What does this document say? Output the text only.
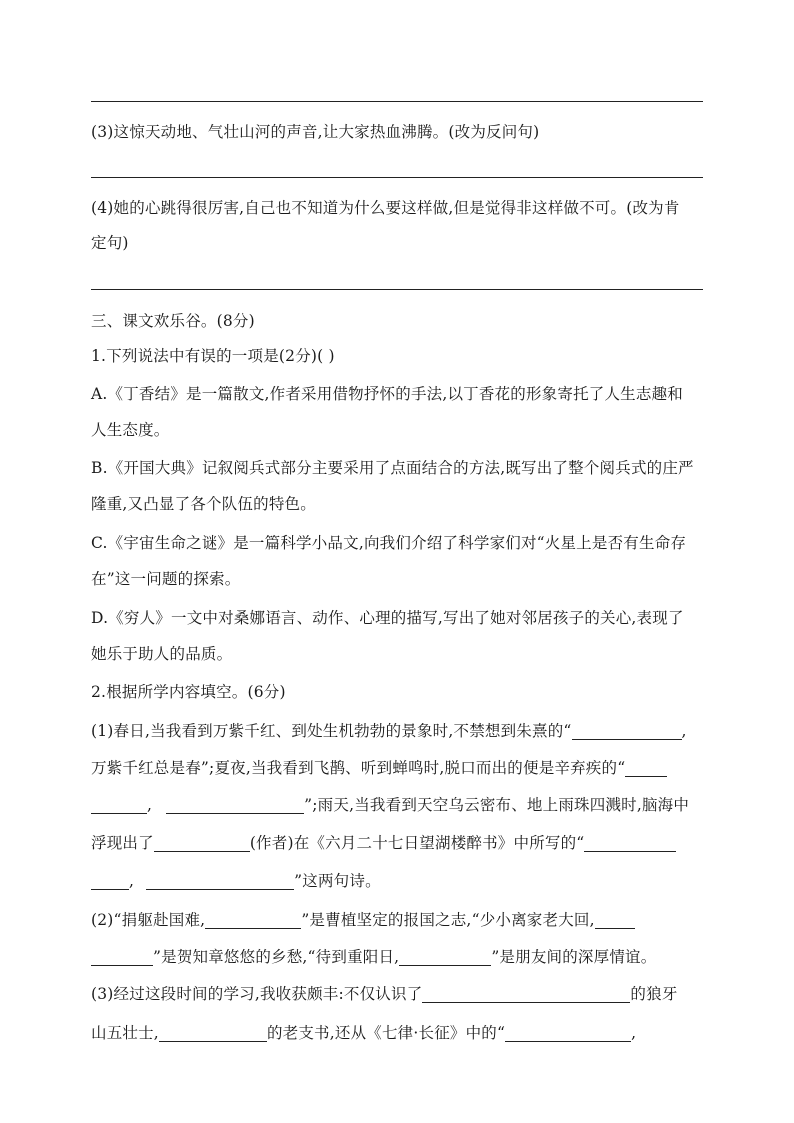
(3)这惊天动地、气壮山河的声音,让大家热血沸腾。(改为反问句)
(4)她的心跳得很厉害,自己也不知道为什么要这样做,但是觉得非这样做不可。(改为肯
定句)
三、课文欢乐谷。(8分)
1.下列说法中有误的一项是(2分)( )
A.《丁香结》是一篇散文,作者采用借物抒怀的手法,以丁香花的形象寄托了人生志趣和
人生态度。
B.《开国大典》记叙阅兵式部分主要采用了点面结合的方法,既写出了整个阅兵式的庄严
隆重,又凸显了各个队伍的特色。
C.《宇宙生命之谜》是一篇科学小品文,向我们介绍了科学家们对“火星上是否有生命存
在”这一问题的探索。
D.《穷人》一文中对桑娜语言、动作、心理的描写,写出了她对邻居孩子的关心,表现了
她乐于助人的品质。
2.根据所学内容填空。(6分)
(1)春日,当我看到万紫千红、到处生机勃勃的景象时,不禁想到朱熹的“	,
万紫千红总是春”;夏夜,当我看到飞鹊、听到蝉鸣时,脱口而出的便是辛弃疾的“
,	”;雨天,当我看到天空乌云密布、地上雨珠四溅时,脑海中
浮现出了	(作者)在《六月二十七日望湖楼醉书》中所写的“
,	”这两句诗。
(2)“捐躯赴国难,	”是曹植坚定的报国之志,“少小离家老大回,
”是贺知章悠悠的乡愁,“待到重阳日,	”是朋友间的深厚情谊。
(3)经过这段时间的学习,我收获颇丰:不仅认识了	的狼牙
山五壮士,	的老支书,还从《七律·长征》中的“	,
